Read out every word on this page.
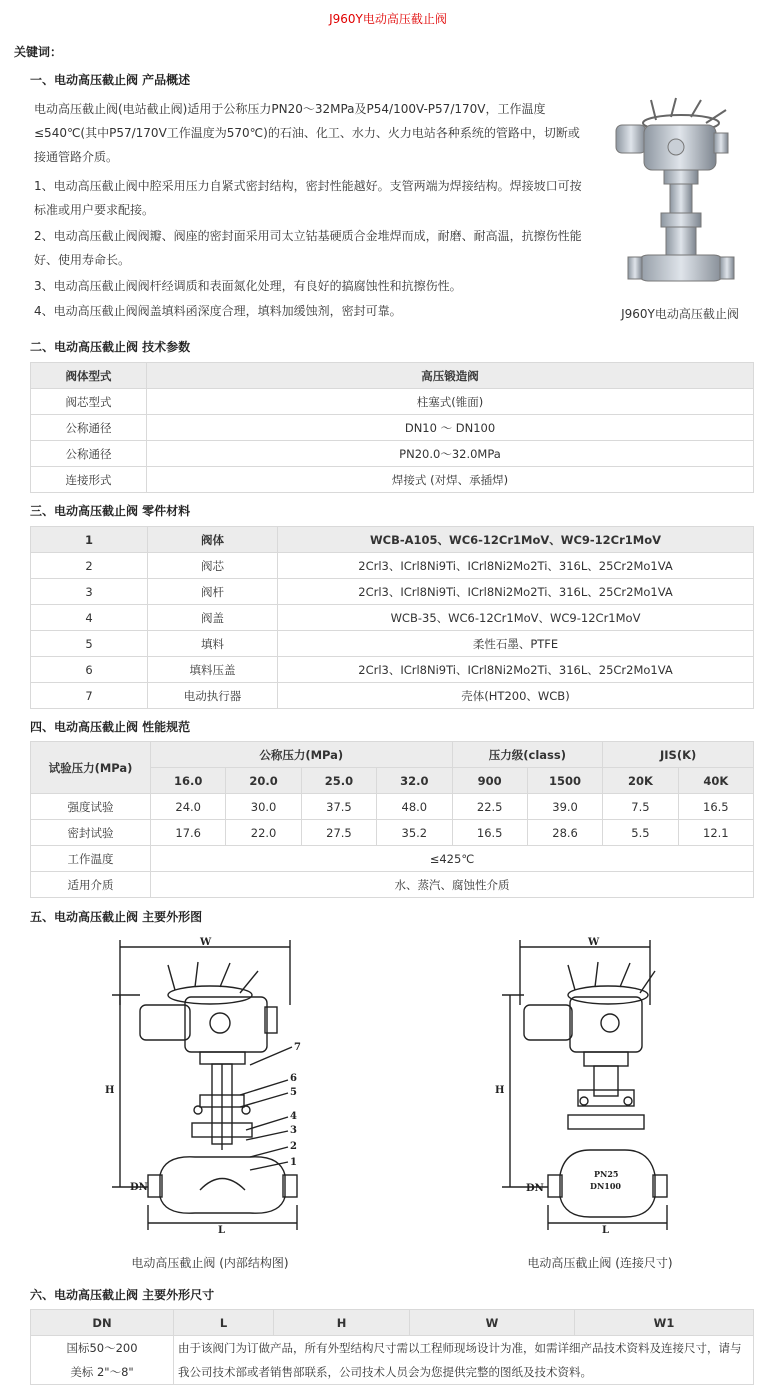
J960Y电动高压截止阀
关键词：
一、电动高压截止阀 产品概述
电动高压截止阀(电站截止阀)适用于公称压力PN20～32MPa及P54/100V-P57/170V，工作温度≤540℃(其中P57/170V工作温度为570℃)的石油、化工、水力、火力电站各种系统的管路中，切断或接通管路介质。
1、电动高压截止阀中腔采用压力自紧式密封结构，密封性能越好。支管两端为焊接结构。焊接坡口可按标准或用户要求配接。
2、电动高压截止阀阀瓣、阀座的密封面采用司太立钴基硬质合金堆焊而成，耐磨、耐高温，抗擦伤性能好、使用寿命长。
3、电动高压截止阀阀杆经调质和表面氮化处理，有良好的搞腐蚀性和抗擦伤性。
4、电动高压截止阀阀盖填料函深度合理，填料加缓蚀剂，密封可靠。	J960Y电动高压截止阀
二、电动高压截止阀 技术参数
阀体型式	高压锻造阀
阀芯型式	柱塞式(锥面)
公称通径	DN10 ～ DN100
公称通径	PN20.0～32.0MPa
连接形式	焊接式 (对焊、承插焊)
三、电动高压截止阀 零件材料
1	阀体	WCB-A105、WC6-12Cr1MoV、WC9-12Cr1MoV
2	阀芯	2Crl3、ICrl8Ni9Ti、ICrl8Ni2Mo2Ti、316L、25Cr2Mo1VA
3	阀杆	2Crl3、ICrl8Ni9Ti、ICrl8Ni2Mo2Ti、316L、25Cr2Mo1VA
4	阀盖	WCB-35、WC6-12Cr1MoV、WC9-12Cr1MoV
5	填料	柔性石墨、PTFE
6	填料压盖	2Crl3、ICrl8Ni9Ti、ICrl8Ni2Mo2Ti、316L、25Cr2Mo1VA
7	电动执行器	壳体(HT200、WCB)
四、电动高压截止阀 性能规范
试验压力(MPa)	公称压力(MPa)				压力级(class)		JIS(K)	
	16.0	20.0	25.0	32.0	900	1500	20K	40K
强度试验	24.0	30.0	37.5	48.0	22.5	39.0	7.5	16.5
密封试验	17.6	22.0	27.5	35.2	16.5	28.6	5.5	12.1
工作温度	≤425℃							
适用介质	水、蒸汽、腐蚀性介质							
五、电动高压截止阀 主要外形图
W
H
L
DN
7
6
5
4
3
2
1
电动高压截止阀 (内部结构图)
W
H
L
DN
PN25
DN100
电动高压截止阀 (连接尺寸)
六、电动高压截止阀 主要外形尺寸
DN	L	H	W	W1

国标50～200
美标 2"～8"	由于该阀门为订做产品，所有外型结构尺寸需以工程师现场设计为准，如需详细产品技术资料及连接尺寸，请与我公司技术部或者销售部联系，公司技术人员会为您提供完整的图纸及技术资料。			
